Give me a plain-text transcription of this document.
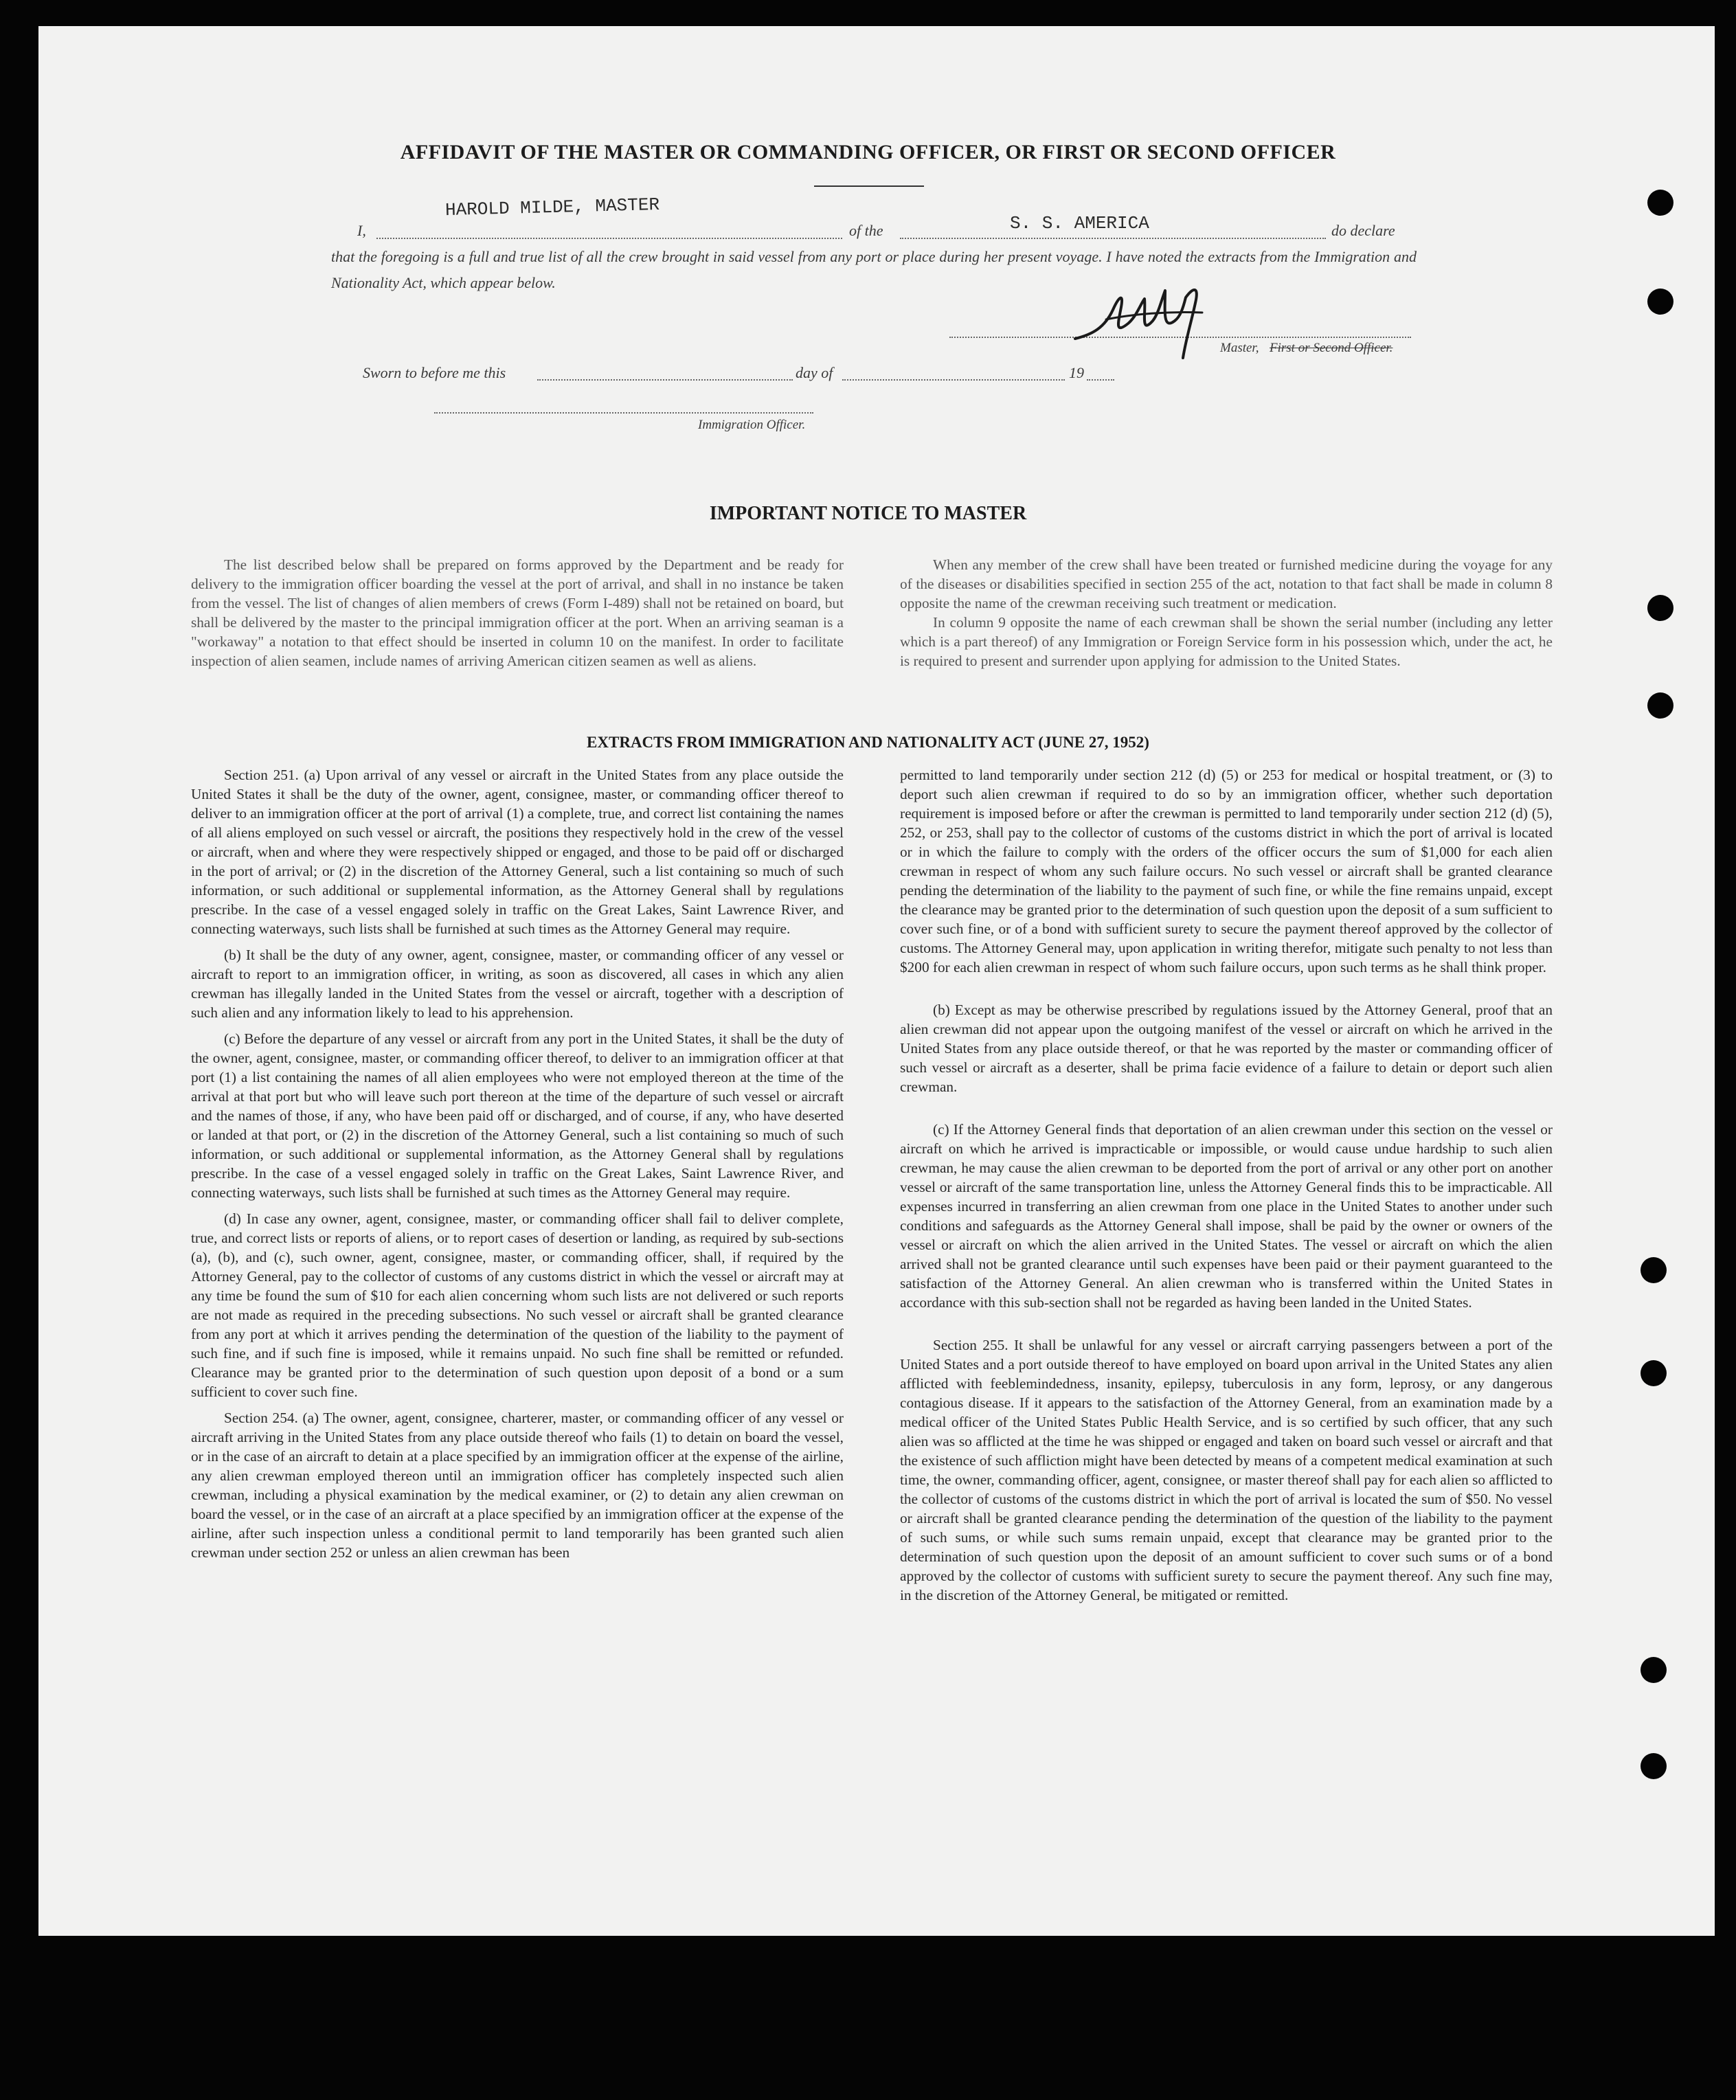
AFFIDAVIT OF THE MASTER OR COMMANDING OFFICER, OR FIRST OR SECOND OFFICER
I,
HAROLD MILDE, MASTER
of the	S. S. AMERICA	do declare
that the foregoing is a full and true list of all the crew brought in said vessel from any port or place during her present voyage. I have noted the extracts from the Immigration and Nationality Act, which appear below.
Master, First or Second Officer.
Sworn to before me this	day of	19
Immigration Officer.
IMPORTANT NOTICE TO MASTER

The list described below shall be prepared on forms approved by the Department and be ready for delivery to the immigration officer boarding the vessel at the port of arrival, and shall in no instance be taken from the vessel. The list of changes of alien members of crews (Form I-489) shall not be retained on board, but shall be delivered by the master to the principal immigration officer at the port. When an arriving seaman is a "workaway" a notation to that effect should be inserted in column 10 on the manifest. In order to facilitate inspection of alien seamen, include names of arriving American citizen seamen as well as aliens.

When any member of the crew shall have been treated or furnished medicine during the voyage for any of the diseases or disabilities specified in section 255 of the act, notation to that fact shall be made in column 8 opposite the name of the crewman receiving such treatment or medication.

In column 9 opposite the name of each crewman shall be shown the serial number (including any letter which is a part thereof) of any Immigration or Foreign Service form in his possession which, under the act, he is required to present and surrender upon applying for admission to the United States.

EXTRACTS FROM IMMIGRATION AND NATIONALITY ACT (JUNE 27, 1952)

Section 251. (a) Upon arrival of any vessel or aircraft in the United States from any place outside the United States it shall be the duty of the owner, agent, consignee, master, or commanding officer thereof to deliver to an immigration officer at the port of arrival (1) a complete, true, and correct list containing the names of all aliens employed on such vessel or aircraft, the positions they respectively hold in the crew of the vessel or aircraft, when and where they were respectively shipped or engaged, and those to be paid off or discharged in the port of arrival; or (2) in the discretion of the Attorney General, such a list containing so much of such information, or such additional or supplemental information, as the Attorney General shall by regulations prescribe. In the case of a vessel engaged solely in traffic on the Great Lakes, Saint Lawrence River, and connecting waterways, such lists shall be furnished at such times as the Attorney General may require.

(b) It shall be the duty of any owner, agent, consignee, master, or commanding officer of any vessel or aircraft to report to an immigration officer, in writing, as soon as discovered, all cases in which any alien crewman has illegally landed in the United States from the vessel or aircraft, together with a description of such alien and any information likely to lead to his apprehension.

(c) Before the departure of any vessel or aircraft from any port in the United States, it shall be the duty of the owner, agent, consignee, master, or commanding officer thereof, to deliver to an immigration officer at that port (1) a list containing the names of all alien employees who were not employed thereon at the time of the arrival at that port but who will leave such port thereon at the time of the departure of such vessel or aircraft and the names of those, if any, who have been paid off or discharged, and of course, if any, who have deserted or landed at that port, or (2) in the discretion of the Attorney General, such a list containing so much of such information, or such additional or supplemental information, as the Attorney General shall by regulations prescribe. In the case of a vessel engaged solely in traffic on the Great Lakes, Saint Lawrence River, and connecting waterways, such lists shall be furnished at such times as the Attorney General may require.

(d) In case any owner, agent, consignee, master, or commanding officer shall fail to deliver complete, true, and correct lists or reports of aliens, or to report cases of desertion or landing, as required by sub-sections (a), (b), and (c), such owner, agent, consignee, master, or commanding officer, shall, if required by the Attorney General, pay to the collector of customs of any customs district in which the vessel or aircraft may at any time be found the sum of $10 for each alien concerning whom such lists are not delivered or such reports are not made as required in the preceding subsections. No such vessel or aircraft shall be granted clearance from any port at which it arrives pending the determination of the question of the liability to the payment of such fine, and if such fine is imposed, while it remains unpaid. No such fine shall be remitted or refunded. Clearance may be granted prior to the determination of such question upon deposit of a bond or a sum sufficient to cover such fine.

Section 254. (a) The owner, agent, consignee, charterer, master, or commanding officer of any vessel or aircraft arriving in the United States from any place outside thereof who fails (1) to detain on board the vessel, or in the case of an aircraft to detain at a place specified by an immigration officer at the expense of the airline, any alien crewman employed thereon until an immigration officer has completely inspected such alien crewman, including a physical examination by the medical examiner, or (2) to detain any alien crewman on board the vessel, or in the case of an aircraft at a place specified by an immigration officer at the expense of the airline, after such inspection unless a conditional permit to land temporarily has been granted such alien crewman under section 252 or unless an alien crewman has been

permitted to land temporarily under section 212 (d) (5) or 253 for medical or hospital treatment, or (3) to deport such alien crewman if required to do so by an immigration officer, whether such deportation requirement is imposed before or after the crewman is permitted to land temporarily under section 212 (d) (5), 252, or 253, shall pay to the collector of customs of the customs district in which the port of arrival is located or in which the failure to comply with the orders of the officer occurs the sum of $1,000 for each alien crewman in respect of whom any such failure occurs. No such vessel or aircraft shall be granted clearance pending the determination of the liability to the payment of such fine, or while the fine remains unpaid, except the clearance may be granted prior to the determination of such question upon the deposit of a sum sufficient to cover such fine, or of a bond with sufficient surety to secure the payment thereof approved by the collector of customs. The Attorney General may, upon application in writing therefor, mitigate such penalty to not less than $200 for each alien crewman in respect of whom such failure occurs, upon such terms as he shall think proper.

(b) Except as may be otherwise prescribed by regulations issued by the Attorney General, proof that an alien crewman did not appear upon the outgoing manifest of the vessel or aircraft on which he arrived in the United States from any place outside thereof, or that he was reported by the master or commanding officer of such vessel or aircraft as a deserter, shall be prima facie evidence of a failure to detain or deport such alien crewman.

(c) If the Attorney General finds that deportation of an alien crewman under this section on the vessel or aircraft on which he arrived is impracticable or impossible, or would cause undue hardship to such alien crewman, he may cause the alien crewman to be deported from the port of arrival or any other port on another vessel or aircraft of the same transportation line, unless the Attorney General finds this to be impracticable. All expenses incurred in transferring an alien crewman from one place in the United States to another under such conditions and safeguards as the Attorney General shall impose, shall be paid by the owner or owners of the vessel or aircraft on which the alien arrived in the United States. The vessel or aircraft on which the alien arrived shall not be granted clearance until such expenses have been paid or their payment guaranteed to the satisfaction of the Attorney General. An alien crewman who is transferred within the United States in accordance with this sub-section shall not be regarded as having been landed in the United States.

Section 255. It shall be unlawful for any vessel or aircraft carrying passengers between a port of the United States and a port outside thereof to have employed on board upon arrival in the United States any alien afflicted with feeblemindedness, insanity, epilepsy, tuberculosis in any form, leprosy, or any dangerous contagious disease. If it appears to the satisfaction of the Attorney General, from an examination made by a medical officer of the United States Public Health Service, and is so certified by such officer, that any such alien was so afflicted at the time he was shipped or engaged and taken on board such vessel or aircraft and that the existence of such affliction might have been detected by means of a competent medical examination at such time, the owner, commanding officer, agent, consignee, or master thereof shall pay for each alien so afflicted to the collector of customs of the customs district in which the port of arrival is located the sum of $50. No vessel or aircraft shall be granted clearance pending the determination of the question of the liability to the payment of such sums, or while such sums remain unpaid, except that clearance may be granted prior to the determination of such question upon the deposit of an amount sufficient to cover such sums or of a bond approved by the collector of customs with sufficient surety to secure the payment thereof. Any such fine may, in the discretion of the Attorney General, be mitigated or remitted.
